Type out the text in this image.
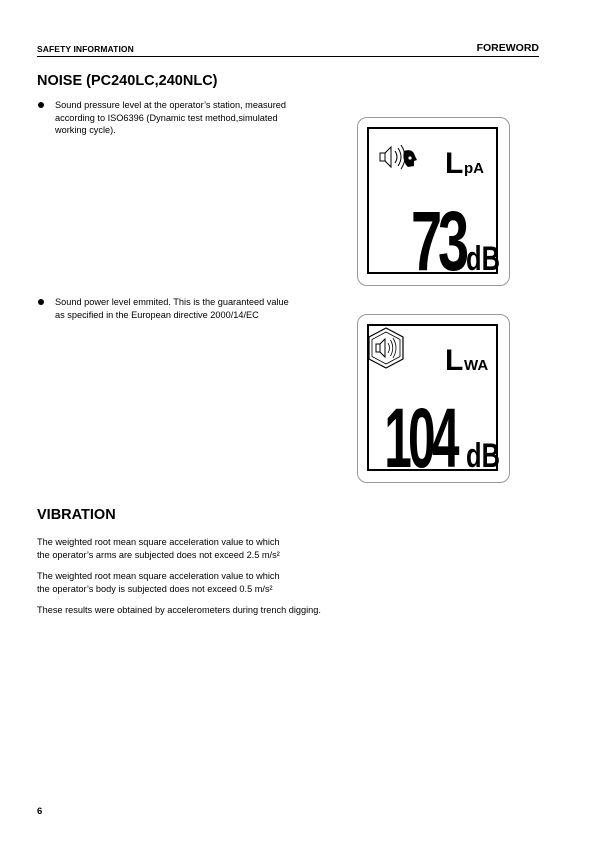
SAFETY INFORMATION	FOREWORD
NOISE (PC240LC,240NLC)
Sound pressure level at the operator’s station, measured
according to ISO6396 (Dynamic test method,simulated
working cycle).
L pA
73 dB
Sound power level emmited. This is the guaranteed value
as specified in the European directive 2000/14/EC
L WA
104 dB
VIBRATION
The weighted root mean square acceleration value to which
the operator’s arms are subjected does not exceed 2.5 m/s²
The weighted root mean square acceleration value to which
the operator’s body is subjected does not exceed 0.5 m/s²
These results were obtained by accelerometers during trench digging.
6
